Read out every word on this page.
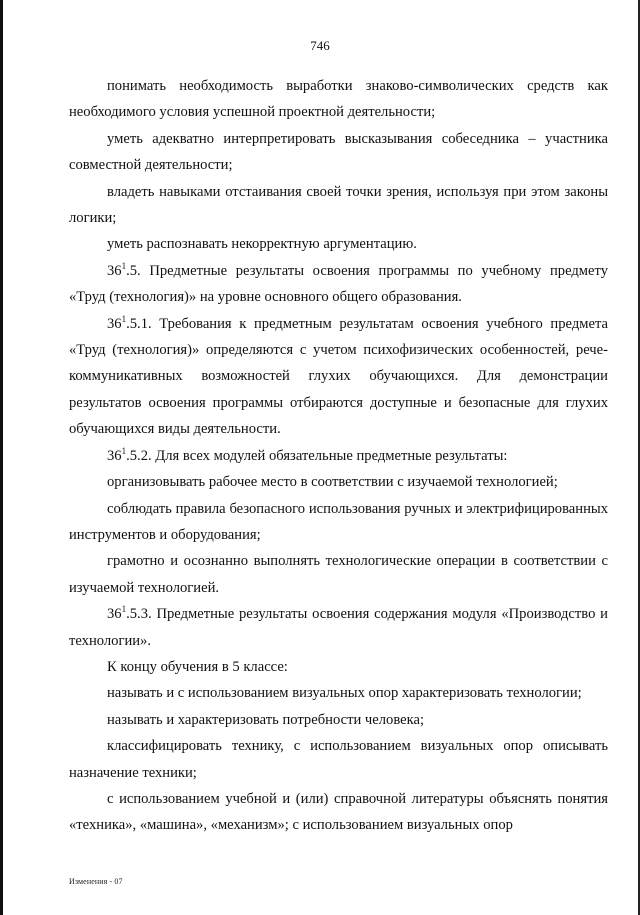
746

понимать необходимость выработки знаково-символических средств как необходимого условия успешной проектной деятельности;

уметь адекватно интерпретировать высказывания собеседника – участника совместной деятельности;

владеть навыками отстаивания своей точки зрения, используя при этом законы логики;

уметь распознавать некорректную аргументацию.

$36^1.5$. Предметные результаты освоения программы по учебному предмету «Труд (технология)» на уровне основного общего образования.

$36^1.5.1$. Требования к предметным результатам освоения учебного предмета «Труд (технология)» определяются с учетом психофизических особенностей, рече-коммуникативных возможностей глухих обучающихся. Для демонстрации результатов освоения программы отбираются доступные и безопасные для глухих обучающихся виды деятельности.

$36^1.5.2$. Для всех модулей обязательные предметные результаты:

организовывать рабочее место в соответствии с изучаемой технологией;

соблюдать правила безопасного использования ручных и электрифицированных инструментов и оборудования;

грамотно и осознанно выполнять технологические операции в соответствии с изучаемой технологией.

$36^1.5.3$. Предметные результаты освоения содержания модуля «Производство и технологии».

К концу обучения в 5 классе:

называть и с использованием визуальных опор характеризовать технологии;

называть и характеризовать потребности человека;

классифицировать технику, с использованием визуальных опор описывать назначение техники;

с использованием учебной и (или) справочной литературы объяснять понятия «техника», «машина», «механизм»; с использованием визуальных опор

Изменения - 07
